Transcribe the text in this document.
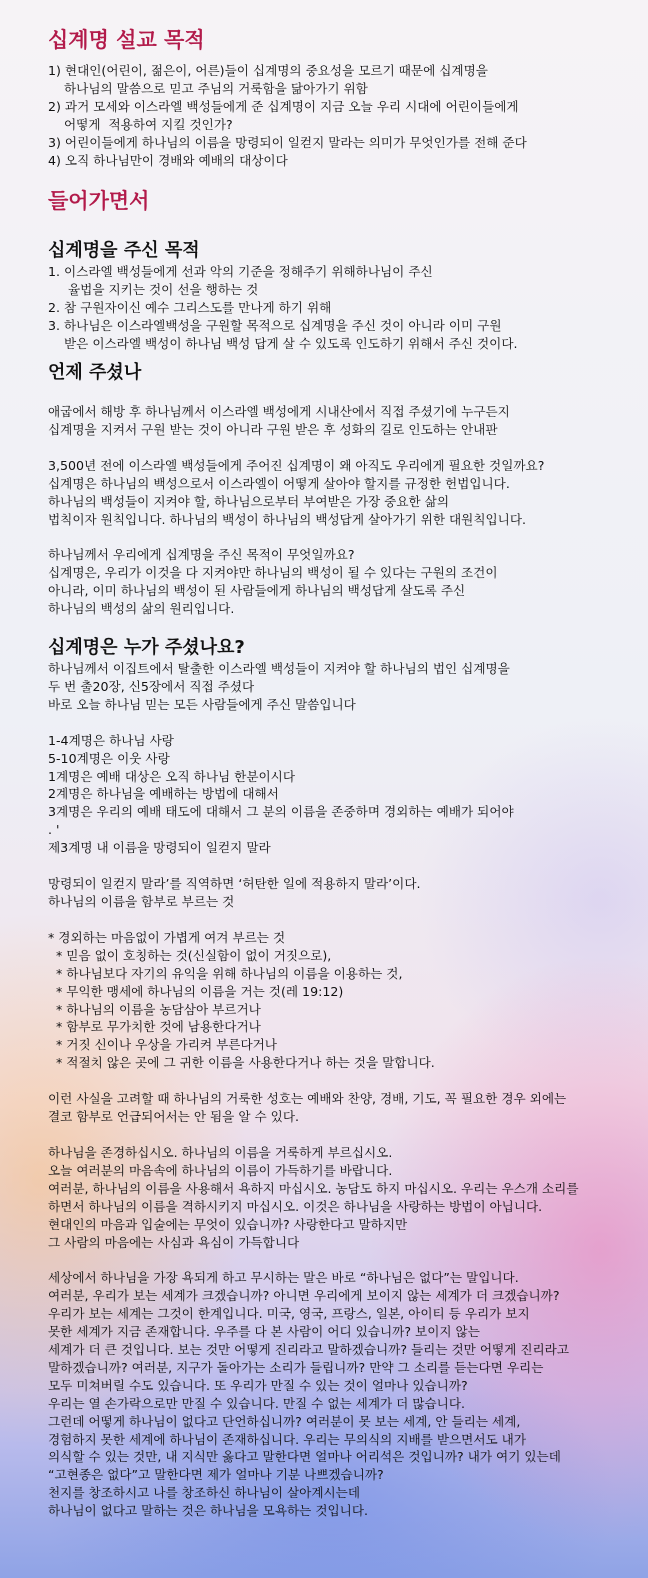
십계명 설교 목적
1) 현대인(어린이, 젊은이, 어른)들이 십계명의 중요성을 모르기 때문에 십계명을
하나님의 말씀으로 믿고 주님의 거룩함을 닮아가기 위함
2) 과거 모세와 이스라엘 백성들에게 준 십계명이 지금 오늘 우리 시대에 어린이들에게
어떻게  적용하여 지킬 것인가?
3) 어린이들에게 하나님의 이름을 망령되이 일컫지 말라는 의미가 무엇인가를 전해 준다
4) 오직 하나님만이 경배와 예배의 대상이다
들어가면서
십계명을 주신 목적
1. 이스라엘 백성들에게 선과 악의 기준을 정해주기 위해하나님이 주신
율법을 지키는 것이 선을 행하는 것
2. 참 구원자이신 예수 그리스도를 만나게 하기 위해
3. 하나님은 이스라엘백성을 구원할 목적으로 십계명을 주신 것이 아니라 이미 구원
받은 이스라엘 백성이 하나님 백성 답게 살 수 있도록 인도하기 위해서 주신 것이다.
언제 주셨나
애굽에서 해방 후 하나님께서 이스라엘 백성에게 시내산에서 직접 주셨기에 누구든지
십계명을 지켜서 구원 받는 것이 아니라 구원 받은 후 성화의 길로 인도하는 안내판
3,500년 전에 이스라엘 백성들에게 주어진 십계명이 왜 아직도 우리에게 필요한 것일까요?
십계명은 하나님의 백성으로서 이스라엘이 어떻게 살아야 할지를 규정한 헌법입니다.
하나님의 백성들이 지켜야 할, 하나님으로부터 부여받은 가장 중요한 삶의
법칙이자 원칙입니다. 하나님의 백성이 하나님의 백성답게 살아가기 위한 대원칙입니다.
하나님께서 우리에게 십계명을 주신 목적이 무엇일까요?
십계명은, 우리가 이것을 다 지켜야만 하나님의 백성이 될 수 있다는 구원의 조건이
아니라, 이미 하나님의 백성이 된 사람들에게 하나님의 백성답게 살도록 주신
하나님의 백성의 삶의 원리입니다.
십계명은 누가 주셨나요?
하나님께서 이집트에서 탈출한 이스라엘 백성들이 지켜야 할 하나님의 법인 십계명을
두 번 출20장, 신5장에서 직접 주셨다
바로 오늘 하나님 믿는 모든 사람들에게 주신 말씀입니다
1-4계명은 하나님 사랑
5-10계명은 이웃 사랑
1계명은 예배 대상은 오직 하나님 한분이시다
2계명은 하나님을 예배하는 방법에 대해서
3계명은 우리의 예배 태도에 대해서 그 분의 이름을 존중하며 경외하는 예배가 되어야
. '
제3계명 내 이름을 망령되이 일컫지 말라
망령되이 일컫지 말라’를 직역하면 ‘허탄한 일에 적용하지 말라’이다.
하나님의 이름을 함부로 부르는 것
* 경외하는 마음없이 가볍게 여겨 부르는 것
* 믿음 없이 호칭하는 것(신실함이 없이 거짓으로),
* 하나님보다 자기의 유익을 위해 하나님의 이름을 이용하는 것,
* 무익한 맹세에 하나님의 이름을 거는 것(레 19:12)
* 하나님의 이름을 농담삼아 부르거나
* 함부로 무가치한 것에 남용한다거나
* 거짓 신이나 우상을 가리켜 부른다거나
* 적절치 않은 곳에 그 귀한 이름을 사용한다거나 하는 것을 말합니다.
이런 사실을 고려할 때 하나님의 거룩한 성호는 예배와 찬양, 경배, 기도, 꼭 필요한 경우 외에는
결코 함부로 언급되어서는 안 됨을 알 수 있다.
하나님을 존경하십시오. 하나님의 이름을 거룩하게 부르십시오.
오늘 여러분의 마음속에 하나님의 이름이 가득하기를 바랍니다.
여러분, 하나님의 이름을 사용해서 욕하지 마십시오. 농담도 하지 마십시오. 우리는 우스개 소리를
하면서 하나님의 이름을 격하시키지 마십시오. 이것은 하나님을 사랑하는 방법이 아닙니다.
현대인의 마음과 입술에는 무엇이 있습니까? 사랑한다고 말하지만
그 사람의 마음에는 사심과 욕심이 가득합니다
세상에서 하나님을 가장 욕되게 하고 무시하는 말은 바로 “하나님은 없다”는 말입니다.
여러분, 우리가 보는 세계가 크겠습니까? 아니면 우리에게 보이지 않는 세계가 더 크겠습니까?
우리가 보는 세계는 그것이 한계입니다. 미국, 영국, 프랑스, 일본, 아이티 등 우리가 보지
못한 세계가 지금 존재합니다. 우주를 다 본 사람이 어디 있습니까? 보이지 않는
세계가 더 큰 것입니다. 보는 것만 어떻게 진리라고 말하겠습니까? 들리는 것만 어떻게 진리라고
말하겠습니까? 여러분, 지구가 돌아가는 소리가 들립니까? 만약 그 소리를 듣는다면 우리는
모두 미쳐버릴 수도 있습니다. 또 우리가 만질 수 있는 것이 얼마나 있습니까?
우리는 열 손가락으로만 만질 수 있습니다. 만질 수 없는 세계가 더 많습니다.
그런데 어떻게 하나님이 없다고 단언하십니까? 여러분이 못 보는 세계, 안 들리는 세계,
경험하지 못한 세계에 하나님이 존재하십니다. 우리는 무의식의 지배를 받으면서도 내가
의식할 수 있는 것만, 내 지식만 옳다고 말한다면 얼마나 어리석은 것입니까? 내가 여기 있는데
“고현종은 없다”고 말한다면 제가 얼마나 기분 나쁘겠습니까?
천지를 창조하시고 나를 창조하신 하나님이 살아계시는데
하나님이 없다고 말하는 것은 하나님을 모욕하는 것입니다.
